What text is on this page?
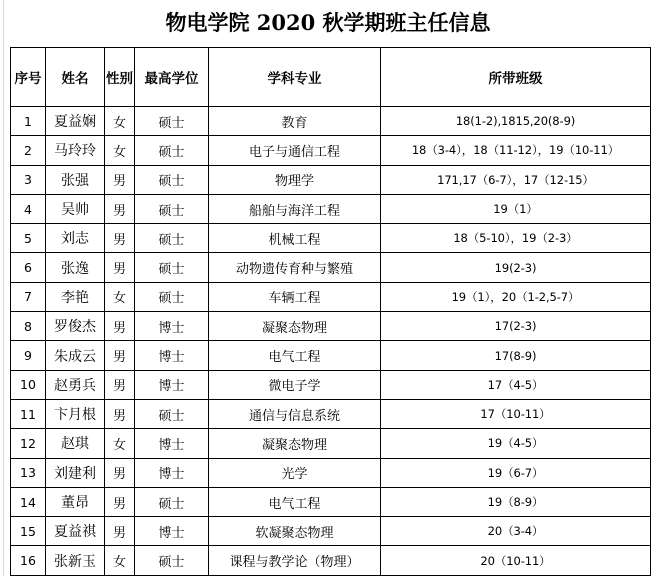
物电学院 2020 秋学期班主任信息
序号	姓名	性别	最高学位	学科专业	所带班级
1	夏益娴	女	硕士	教育	18(1-2),1815,20(8-9)
2	马玲玲	女	硕士	电子与通信工程	18（3-4），18（11-12），19（10-11）
3	张强	男	硕士	物理学	171,17（6-7），17（12-15）
4	吴帅	男	硕士	船舶与海洋工程	19（1）
5	刘志	男	硕士	机械工程	18（5-10），19（2-3）
6	张逸	男	硕士	动物遗传育种与繁殖	19(2-3)
7	李艳	女	硕士	车辆工程	19（1），20（1-2,5-7）
8	罗俊杰	男	博士	凝聚态物理	17(2-3)
9	朱成云	男	博士	电气工程	17(8-9)
10	赵勇兵	男	博士	微电子学	17（4-5）
11	卞月根	男	硕士	通信与信息系统	17（10-11）
12	赵琪	女	博士	凝聚态物理	19（4-5）
13	刘建利	男	博士	光学	19（6-7）
14	董昂	男	硕士	电气工程	19（8-9）
15	夏益祺	男	博士	软凝聚态物理	20（3-4）
16	张新玉	女	硕士	课程与教学论（物理）	20（10-11）
